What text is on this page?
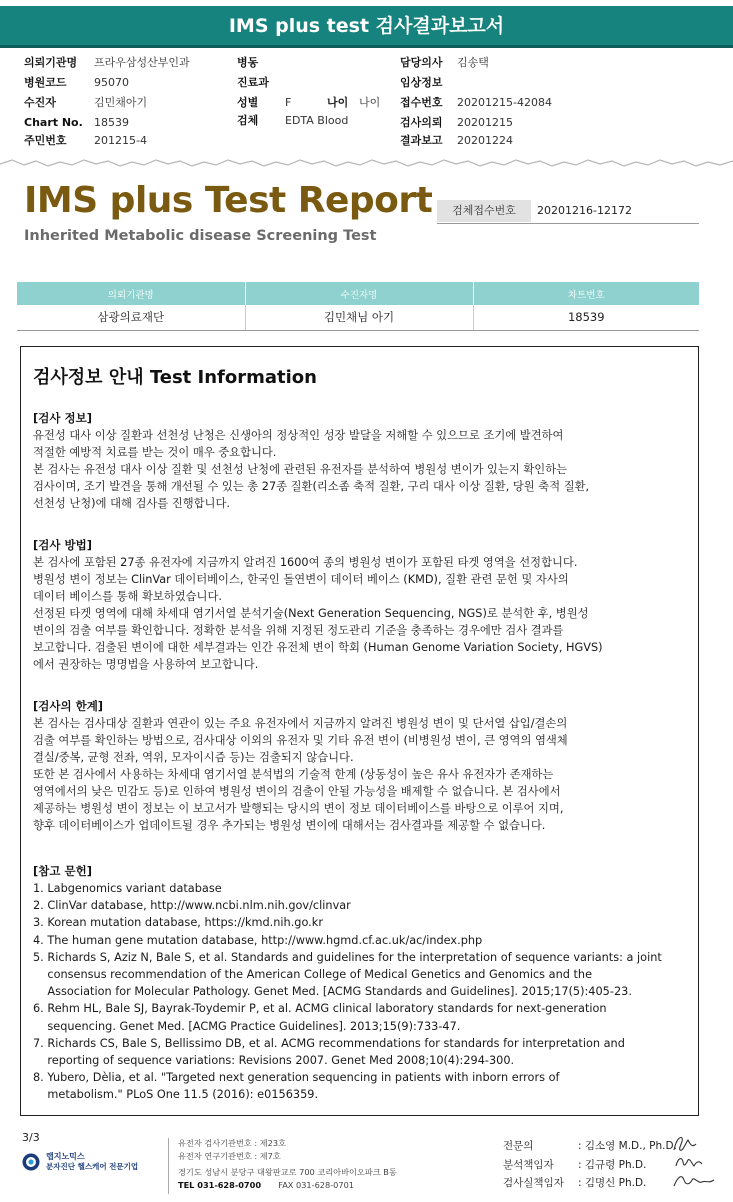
IMS plus test 검사결과보고서
의뢰기관명 프라우삼성산부인과
병원코드 95070
수진자	김민채아기
Chart No. 18539
주민번호 201215-4
병동
진료과
성별 F	나이 나이
검체 EDTA Blood
담당의사 김송택
임상정보
접수번호 20201215-42084
검사의뢰 20201215
결과보고 20201224
IMS plus Test Report
Inherited Metabolic disease Screening Test
검체접수번호	20201216-12172
의뢰기관명	수진자명	차트번호
삼광의료재단	김민채님 아기	18539
검사정보 안내 Test Information
[검사 정보]
유전성 대사 이상 질환과 선천성 난청은 신생아의 정상적인 성장 발달을 저해할 수 있으므로 조기에 발견하여
적절한 예방적 치료를 받는 것이 매우 중요합니다.
본 검사는 유전성 대사 이상 질환 및 선천성 난청에 관련된 유전자를 분석하여 병원성 변이가 있는지 확인하는
검사이며, 조기 발견을 통해 개선될 수 있는 총 27종 질환(리소좀 축적 질환, 구리 대사 이상 질환, 당원 축적 질환,
선천성 난청)에 대해 검사를 진행합니다.
[검사 방법]
본 검사에 포함된 27종 유전자에 지금까지 알려진 1600여 종의 병원성 변이가 포함된 타겟 영역을 선정합니다.
병원성 변이 정보는 ClinVar 데이터베이스, 한국인 돌연변이 데이터 베이스 (KMD), 질환 관련 문헌 및 자사의
데이터 베이스를 통해 확보하였습니다.
선정된 타겟 영역에 대해 차세대 염기서열 분석기술(Next Generation Sequencing, NGS)로 분석한 후, 병원성
변이의 검출 여부를 확인합니다. 정확한 분석을 위해 지정된 정도관리 기준을 충족하는 경우에만 검사 결과를
보고합니다. 검출된 변이에 대한 세부결과는 인간 유전체 변이 학회 (Human Genome Variation Society, HGVS)
에서 권장하는 명명법을 사용하여 보고합니다.
[검사의 한계]
본 검사는 검사대상 질환과 연관이 있는 주요 유전자에서 지금까지 알려진 병원성 변이 및 단서열 삽입/결손의
검출 여부를 확인하는 방법으로, 검사대상 이외의 유전자 및 기타 유전 변이 (비병원성 변이, 큰 영역의 염색체
결실/중복, 균형 전좌, 역위, 모자이시즘 등)는 검출되지 않습니다.
또한 본 검사에서 사용하는 차세대 염기서열 분석법의 기술적 한계 (상동성이 높은 유사 유전자가 존재하는
영역에서의 낮은 민감도 등)로 인하여 병원성 변이의 검출이 안될 가능성을 배제할 수 없습니다. 본 검사에서
제공하는 병원성 변이 정보는 이 보고서가 발행되는 당시의 변이 정보 데이터베이스를 바탕으로 이루어 지며,
향후 데이터베이스가 업데이트될 경우 추가되는 병원성 변이에 대해서는 검사결과를 제공할 수 없습니다.
[참고 문헌]
1. Labgenomics variant database
2. ClinVar database, http://www.ncbi.nlm.nih.gov/clinvar
3. Korean mutation database, https://kmd.nih.go.kr
4. The human gene mutation database, http://www.hgmd.cf.ac.uk/ac/index.php
5. Richards S, Aziz N, Bale S, et al. Standards and guidelines for the interpretation of sequence variants: a joint
consensus recommendation of the American College of Medical Genetics and Genomics and the
Association for Molecular Pathology. Genet Med. [ACMG Standards and Guidelines]. 2015;17(5):405-23.
6. Rehm HL, Bale SJ, Bayrak-Toydemir P, et al. ACMG clinical laboratory standards for next-generation
sequencing. Genet Med. [ACMG Practice Guidelines]. 2013;15(9):733-47.
7. Richards CS, Bale S, Bellissimo DB, et al. ACMG recommendations for standards for interpretation and
reporting of sequence variations: Revisions 2007. Genet Med 2008;10(4):294-300.
8. Yubero, Dèlia, et al. "Targeted next generation sequencing in patients with inborn errors of
metabolism." PLoS One 11.5 (2016): e0156359.
3/3
랩지노믹스
분자진단 헬스케어 전문기업
유전자 검사기관번호 : 제23호
유전자 연구기관번호 : 제7호
경기도 성남시 분당구 대왕판교로 700 코리아바이오파크 B동
TEL 031-628-0700 FAX 031-628-0701
전문의	: 김소영 M.D., Ph.D.
분석책임자 : 김규령 Ph.D.
검사실책임자 : 김명신 Ph.D.
